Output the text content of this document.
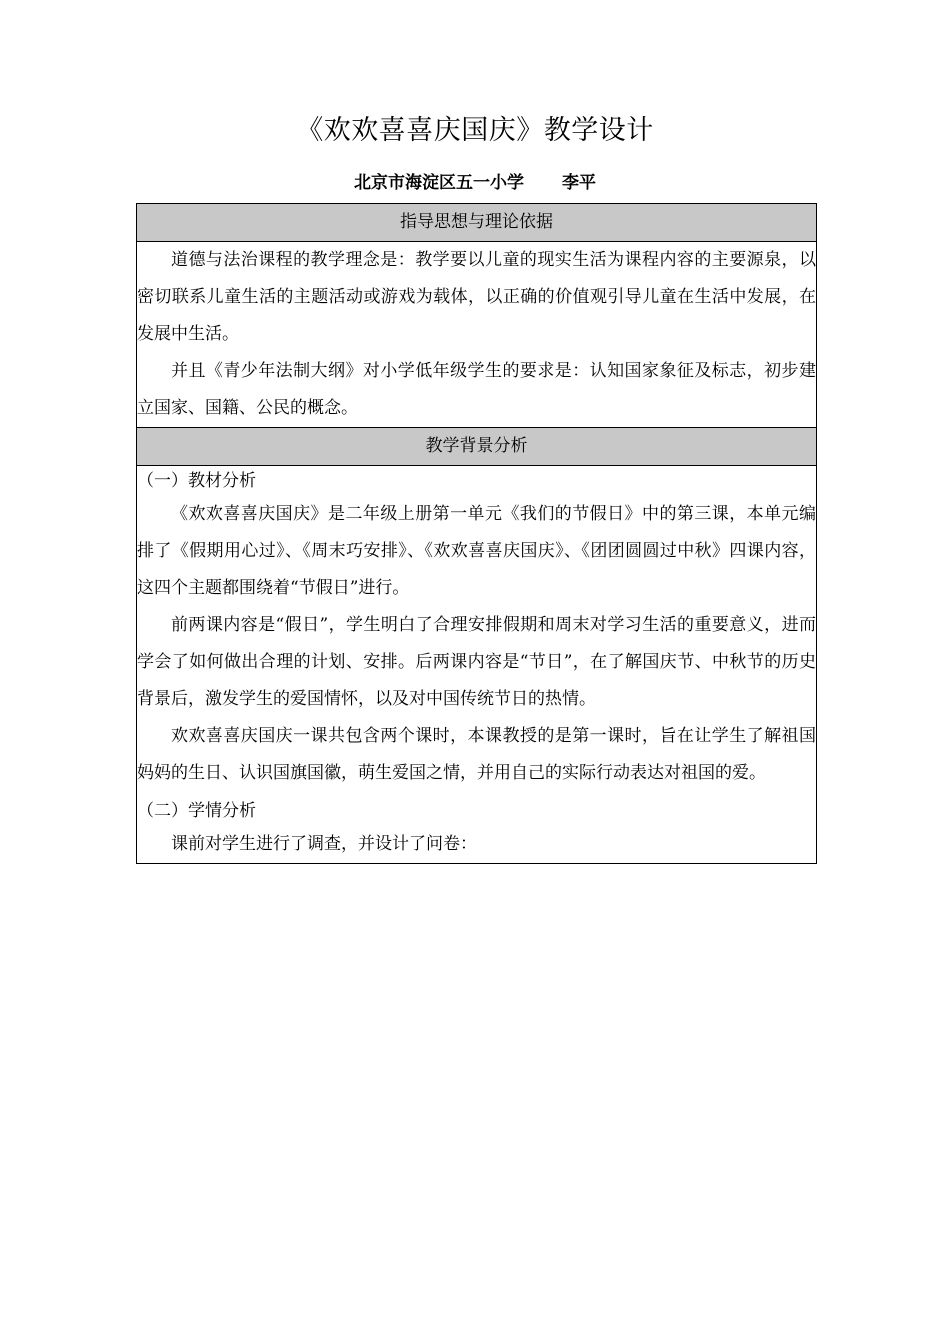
《欢欢喜喜庆国庆》教学设计
北京市海淀区五一小学 李平
指导思想与理论依据

道德与法治课程的教学理念是：教学要以儿童的现实生活为课程内容的主要源泉，以密切联系儿童生活的主题活动或游戏为载体，以正确的价值观引导儿童在生活中发展，在发展中生活。

并且《青少年法制大纲》对小学低年级学生的要求是：认知国家象征及标志，初步建立国家、国籍、公民的概念。

教学背景分析

（一）教材分析

《欢欢喜喜庆国庆》是二年级上册第一单元《我们的节假日》中的第三课，本单元编排了《假期用心过》、《周末巧安排》、《欢欢喜喜庆国庆》、《团团圆圆过中秋》四课内容，这四个主题都围绕着“节假日”进行。

前两课内容是“假日”，学生明白了合理安排假期和周末对学习生活的重要意义，进而学会了如何做出合理的计划、安排。后两课内容是“节日”，在了解国庆节、中秋节的历史背景后，激发学生的爱国情怀，以及对中国传统节日的热情。

欢欢喜喜庆国庆一课共包含两个课时，本课教授的是第一课时，旨在让学生了解祖国妈妈的生日、认识国旗国徽，萌生爱国之情，并用自己的实际行动表达对祖国的爱。

（二）学情分析

课前对学生进行了调查，并设计了问卷：
